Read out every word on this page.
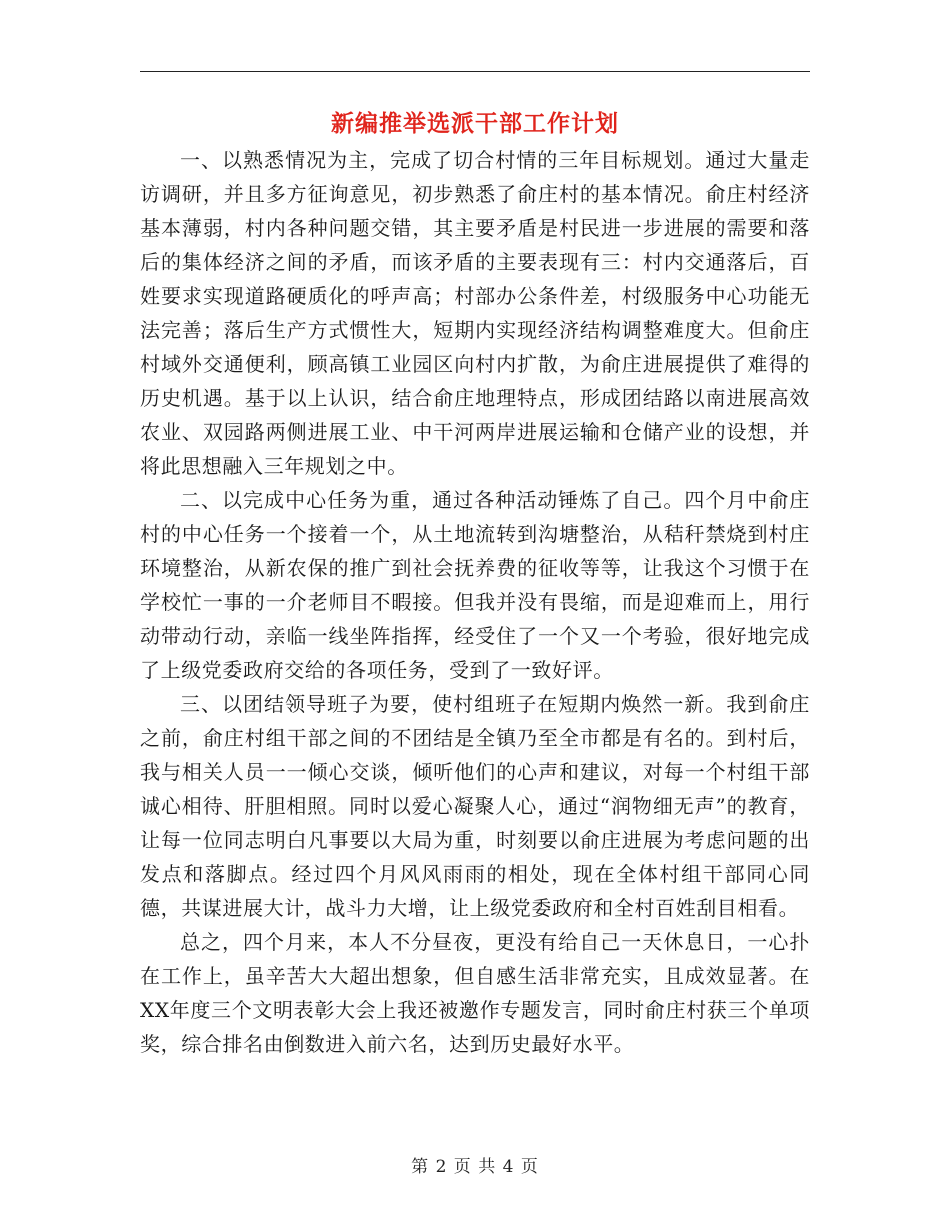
新编推举选派干部工作计划

一、以熟悉情况为主，完成了切合村情的三年目标规划。通过大量走访调研，并且多方征询意见，初步熟悉了俞庄村的基本情况。俞庄村经济基本薄弱，村内各种问题交错，其主要矛盾是村民进一步进展的需要和落后的集体经济之间的矛盾，而该矛盾的主要表现有三：村内交通落后，百姓要求实现道路硬质化的呼声高；村部办公条件差，村级服务中心功能无法完善；落后生产方式惯性大，短期内实现经济结构调整难度大。但俞庄村域外交通便利，顾高镇工业园区向村内扩散，为俞庄进展提供了难得的历史机遇。基于以上认识，结合俞庄地理特点，形成团结路以南进展高效农业、双园路两侧进展工业、中干河两岸进展运输和仓储产业的设想，并将此思想融入三年规划之中。

二、以完成中心任务为重，通过各种活动锤炼了自己。四个月中俞庄村的中心任务一个接着一个，从土地流转到沟塘整治，从秸秆禁烧到村庄环境整治，从新农保的推广到社会抚养费的征收等等，让我这个习惯于在学校忙一事的一介老师目不暇接。但我并没有畏缩，而是迎难而上，用行动带动行动，亲临一线坐阵指挥，经受住了一个又一个考验，很好地完成了上级党委政府交给的各项任务，受到了一致好评。

三、以团结领导班子为要，使村组班子在短期内焕然一新。我到俞庄之前，俞庄村组干部之间的不团结是全镇乃至全市都是有名的。到村后，我与相关人员一一倾心交谈，倾听他们的心声和建议，对每一个村组干部诚心相待、肝胆相照。同时以爱心凝聚人心，通过“润物细无声”的教育，让每一位同志明白凡事要以大局为重，时刻要以俞庄进展为考虑问题的出发点和落脚点。经过四个月风风雨雨的相处，现在全体村组干部同心同德，共谋进展大计，战斗力大增，让上级党委政府和全村百姓刮目相看。

总之，四个月来，本人不分昼夜，更没有给自己一天休息日，一心扑在工作上，虽辛苦大大超出想象，但自感生活非常充实，且成效显著。在XX年度三个文明表彰大会上我还被邀作专题发言，同时俞庄村获三个单项奖，综合排名由倒数进入前六名，达到历史最好水平。

第 2 页 共 4 页
